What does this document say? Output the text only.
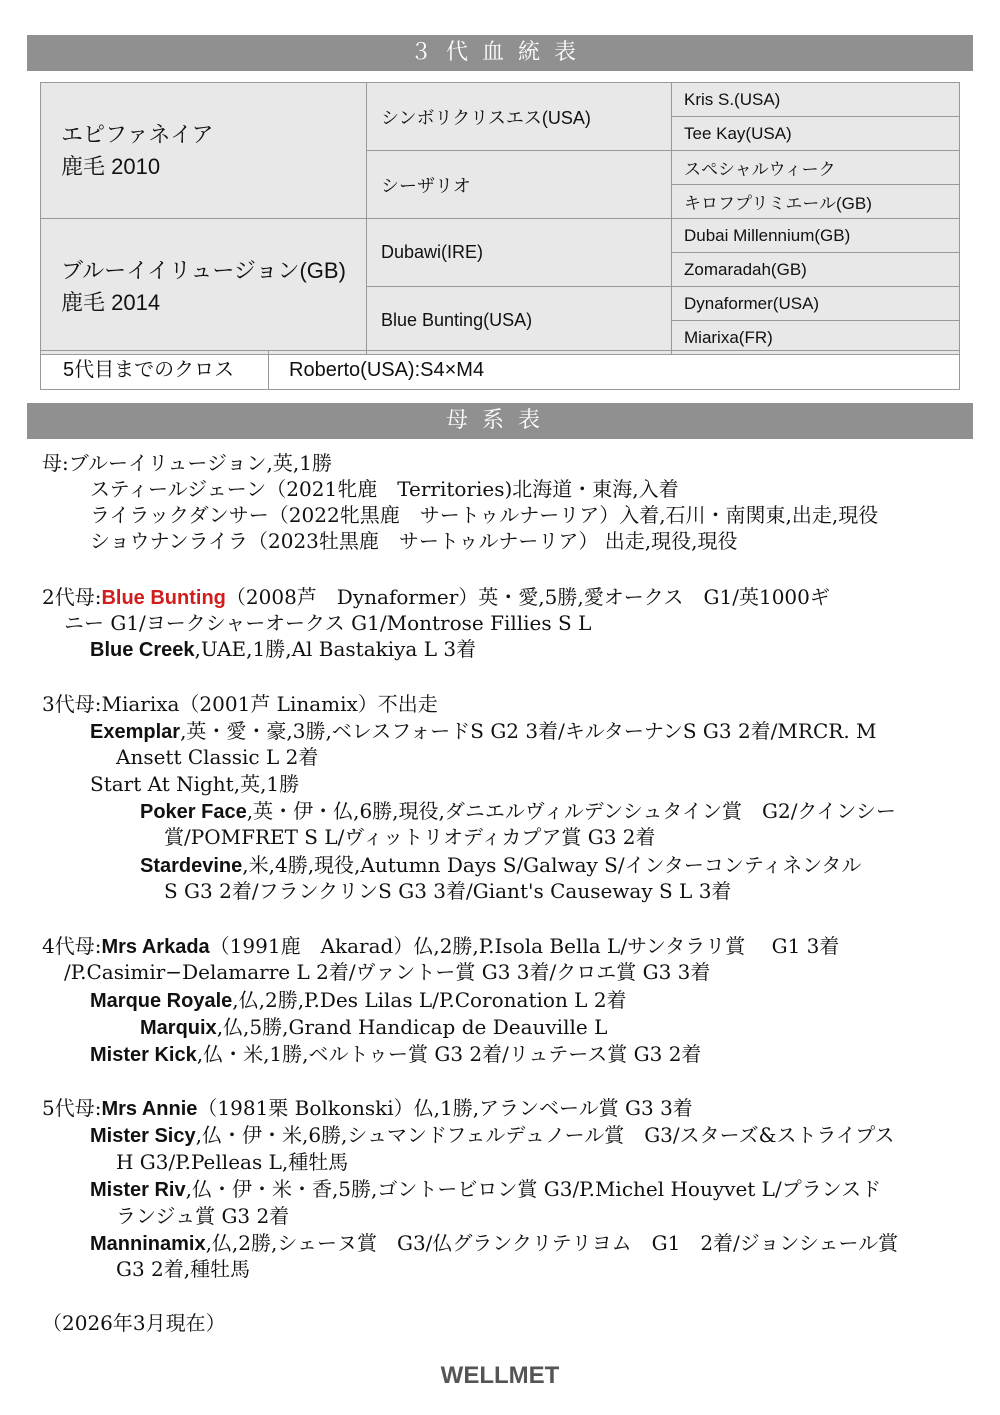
３代血統表
エピファネイア
鹿毛 2010	シンボリクリスエス(USA)	Kris S.(USA)
		Tee Kay(USA)
	シーザリオ	スペシャルウィーク
		キロフプリミエール(GB)

ブルーイイリュージョン(GB)
鹿毛 2014	Dubawi(IRE)	Dubai Millennium(GB)
		Zomaradah(GB)
	Blue Bunting(USA)	Dynaformer(USA)
		Miarixa(FR)
5代目までのクロス	Roberto(USA):S4×M4
母系表
母:ブルーイリュージョン,英,1勝
スティールジェーン（2021牝鹿　Territories)北海道・東海,入着
ライラックダンサー（2022牝黒鹿　サートゥルナーリア）入着,石川・南関東,出走,現役
ショウナンライラ（2023牡黒鹿　サートゥルナーリア） 出走,現役,現役
2代母:Blue Bunting（2008芦　Dynaformer）英・愛,5勝,愛オークス　G1/英1000ギ
ニー G1/ヨークシャーオークス G1/Montrose Fillies S L
Blue Creek,UAE,1勝,Al Bastakiya L 3着
3代母:Miarixa（2001芦 Linamix）不出走
Exemplar,英・愛・豪,3勝,ベレスフォードS G2 3着/キルターナンS G3 2着/MRCR. M
Ansett Classic L 2着
Start At Night,英,1勝
Poker Face,英・伊・仏,6勝,現役,ダニエルヴィルデンシュタイン賞　G2/クインシー
賞/POMFRET S L/ヴィットリオディカプア賞 G3 2着
Stardevine,米,4勝,現役,Autumn Days S/Galway S/インターコンティネンタル
S G3 2着/フランクリンS G3 3着/Giant's Causeway S L 3着
4代母:Mrs Arkada（1991鹿　Akarad）仏,2勝,P.Isola Bella L/サンタラリ賞　 G1 3着
/P.Casimir−Delamarre L 2着/ヴァントー賞 G3 3着/クロエ賞 G3 3着
Marque Royale,仏,2勝,P.Des Lilas L/P.Coronation L 2着
Marquix,仏,5勝,Grand Handicap de Deauville L
Mister Kick,仏・米,1勝,ベルトゥー賞 G3 2着/リュテース賞 G3 2着
5代母:Mrs Annie（1981栗 Bolkonski）仏,1勝,アランベール賞 G3 3着
Mister Sicy,仏・伊・米,6勝,シュマンドフェルデュノール賞　G3/スターズ&ストライプス
H G3/P.Pelleas L,種牡馬
Mister Riv,仏・伊・米・香,5勝,ゴントービロン賞 G3/P.Michel Houyvet L/プランスド
ランジュ賞 G3 2着
Manninamix,仏,2勝,シェーヌ賞　G3/仏グランクリテリヨム　G1　2着/ジョンシェール賞
G3 2着,種牡馬
（2026年3月現在）
WELLMET
